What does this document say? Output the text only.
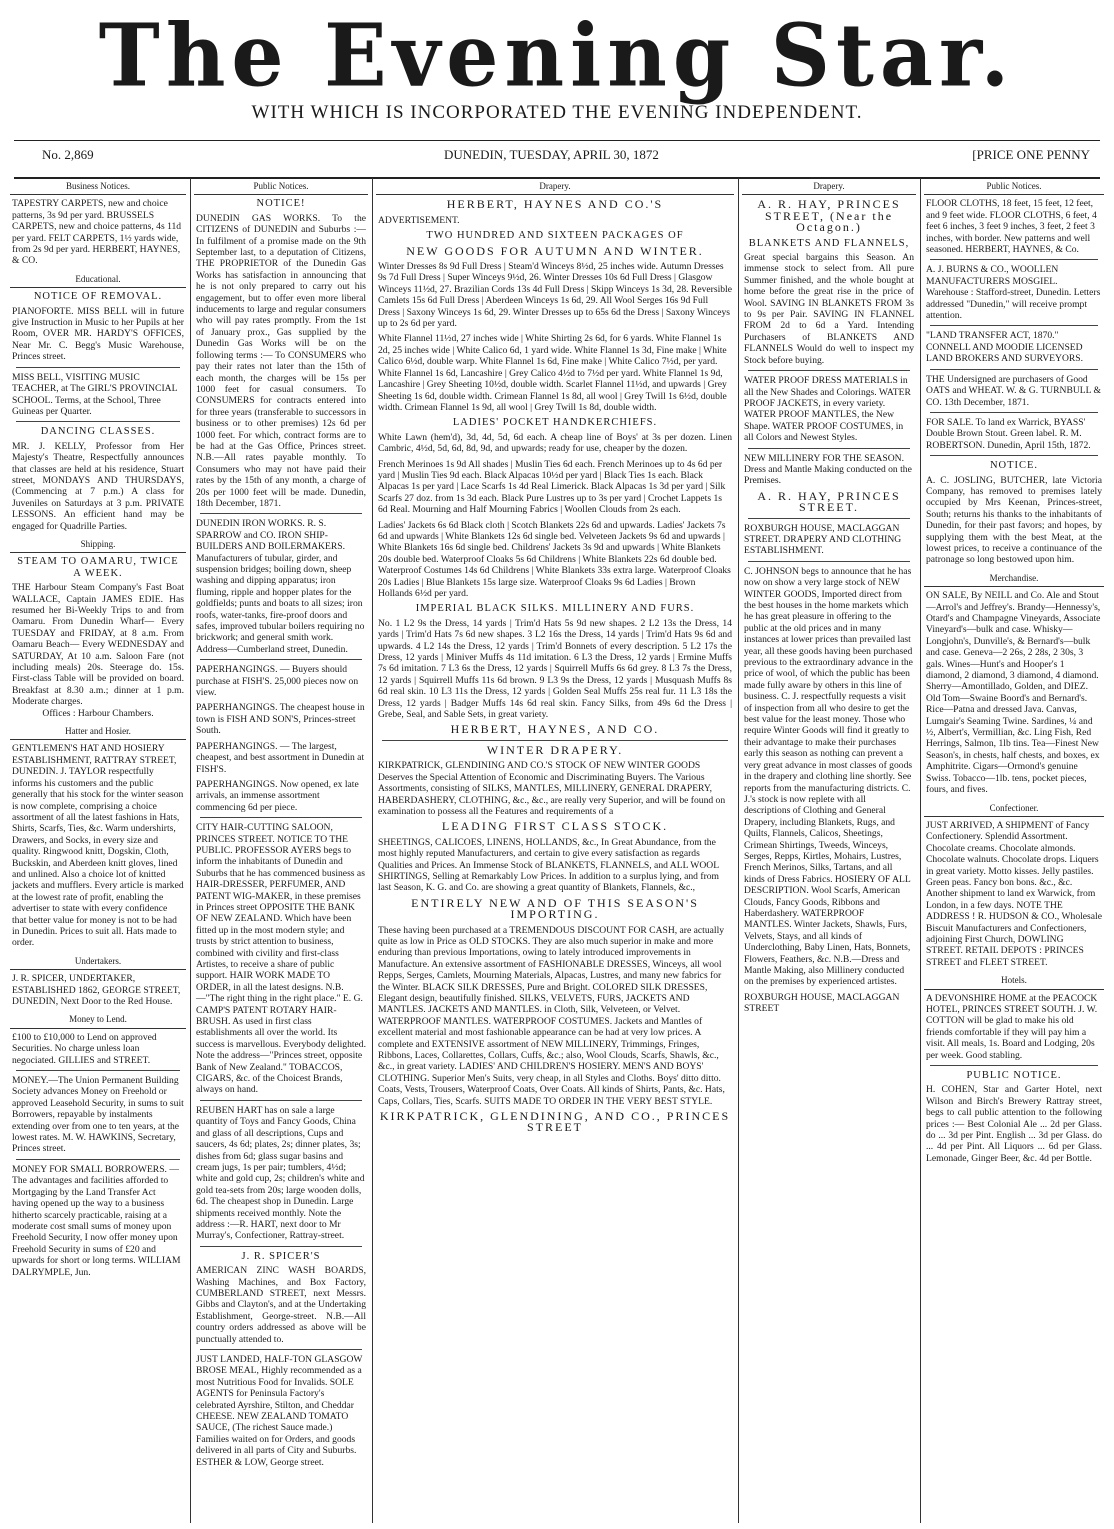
The Evening Star.
WITH WHICH IS INCORPORATED THE EVENING INDEPENDENT.
No. 2,869	DUNEDIN, TUESDAY, APRIL 30, 1872	[PRICE ONE PENNY
Business Notices.
TAPESTRY CARPETS, new and choice patterns, 3s 9d per yard. BRUSSELS CARPETS, new and choice patterns, 4s 11d per yard. FELT CARPETS, 1½ yards wide, from 2s 9d per yard. HERBERT, HAYNES, & CO.
Educational.
NOTICE OF REMOVAL.
PIANOFORTE. MISS BELL will in future give Instruction in Music to her Pupils at her Room, OVER MR. HARDY'S OFFICES, Near Mr. C. Begg's Music Warehouse, Princes street.
MISS BELL, VISITING MUSIC TEACHER, at The GIRL'S PROVINCIAL SCHOOL. Terms, at the School, Three Guineas per Quarter.
DANCING CLASSES.
MR. J. KELLY, Professor from Her Majesty's Theatre, Respectfully announces that classes are held at his residence, Stuart street, MONDAYS AND THURSDAYS, (Commencing at 7 p.m.) A class for Juveniles on Saturdays at 3 p.m. PRIVATE LESSONS. An efficient hand may be engaged for Quadrille Parties.
Shipping.
STEAM TO OAMARU, TWICE A WEEK.
THE Harbour Steam Company's Fast Boat WALLACE, Captain JAMES EDIE. Has resumed her Bi-Weekly Trips to and from Oamaru. From Dunedin Wharf— Every TUESDAY and FRIDAY, at 8 a.m. From Oamaru Beach— Every WEDNESDAY and SATURDAY, At 10 a.m. Saloon Fare (not including meals) 20s. Steerage do. 15s. First-class Table will be provided on board. Breakfast at 8.30 a.m.; dinner at 1 p.m. Moderate charges.
Offices : Harbour Chambers.
Hatter and Hosier.
GENTLEMEN'S HAT AND HOSIERY ESTABLISHMENT, RATTRAY STREET, DUNEDIN. J. TAYLOR respectfully informs his customers and the public generally that his stock for the winter season is now complete, comprising a choice assortment of all the latest fashions in Hats, Shirts, Scarfs, Ties, &c. Warm undershirts, Drawers, and Socks, in every size and quality. Ringwood knitt, Dogskin, Cloth, Buckskin, and Aberdeen knitt gloves, lined and unlined. Also a choice lot of knitted jackets and mufflers. Every article is marked at the lowest rate of profit, enabling the advertiser to state with every confidence that better value for money is not to be had in Dunedin. Prices to suit all. Hats made to order.
Undertakers.
J. R. SPICER, UNDERTAKER, ESTABLISHED 1862, GEORGE STREET, DUNEDIN, Next Door to the Red House.
Money to Lend.
£100 to £10,000 to Lend on approved Securities. No charge unless loan negociated. GILLIES and STREET.
MONEY.—The Union Permanent Building Society advances Money on Freehold or approved Leasehold Security, in sums to suit Borrowers, repayable by instalments extending over from one to ten years, at the lowest rates. M. W. HAWKINS, Secretary, Princes street.
MONEY FOR SMALL BORROWERS. —The advantages and facilities afforded to Mortgaging by the Land Transfer Act having opened up the way to a business hitherto scarcely practicable, raising at a moderate cost small sums of money upon Freehold Security, I now offer money upon Freehold Security in sums of £20 and upwards for short or long terms. WILLIAM DALRYMPLE, Jun.
Public Notices.
NOTICE!
DUNEDIN GAS WORKS. To the CITIZENS of DUNEDIN and Suburbs :— In fulfilment of a promise made on the 9th September last, to a deputation of Citizens, THE PROPRIETOR of the Dunedin Gas Works has satisfaction in announcing that he is not only prepared to carry out his engagement, but to offer even more liberal inducements to large and regular consumers who will pay rates promptly. From the 1st of January prox., Gas supplied by the Dunedin Gas Works will be on the following terms :— To CONSUMERS who pay their rates not later than the 15th of each month, the charges will be 15s per 1000 feet for casual consumers. To CONSUMERS for contracts entered into for three years (transferable to successors in business or to other premises) 12s 6d per 1000 feet. For which, contract forms are to be had at the Gas Office, Princes street. N.B.—All rates payable monthly. To Consumers who may not have paid their rates by the 15th of any month, a charge of 20s per 1000 feet will be made. Dunedin, 18th December, 1871.
DUNEDIN IRON WORKS. R. S. SPARROW and CO. IRON SHIP-BUILDERS AND BOILERMAKERS. Manufacturers of tubular, girder, and suspension bridges; boiling down, sheep washing and dipping apparatus; iron fluming, ripple and hopper plates for the goldfields; punts and boats to all sizes; iron roofs, water-tanks, fire-proof doors and safes, improved tubular boilers requiring no brickwork; and general smith work. Address—Cumberland street, Dunedin.
PAPERHANGINGS. — Buyers should purchase at FISH'S. 25,000 pieces now on view.
PAPERHANGINGS. The cheapest house in town is FISH AND SON'S, Princes-street South.
PAPERHANGINGS. — The largest, cheapest, and best assortment in Dunedin at FISH'S.
PAPERHANGINGS. Now opened, ex late arrivals, an immense assortment commencing 6d per piece.
CITY HAIR-CUTTING SALOON, PRINCES STREET. NOTICE TO THE PUBLIC. PROFESSOR AYERS begs to inform the inhabitants of Dunedin and Suburbs that he has commenced business as HAIR-DRESSER, PERFUMER, AND PATENT WIG-MAKER, in these premises in Princes street OPPOSITE THE BANK OF NEW ZEALAND. Which have been fitted up in the most modern style; and trusts by strict attention to business, combined with civility and first-class Artistes, to receive a share of public support. HAIR WORK MADE TO ORDER, in all the latest designs. N.B.—"The right thing in the right place." E. G. CAMP'S PATENT ROTARY HAIR-BRUSH. As used in first class establishments all over the world. Its success is marvellous. Everybody delighted. Note the address—"Princes street, opposite Bank of New Zealand." TOBACCOS, CIGARS, &c. of the Choicest Brands, always on hand.
REUBEN HART has on sale a large quantity of Toys and Fancy Goods, China and glass of all descriptions, Cups and saucers, 4s 6d; plates, 2s; dinner plates, 3s; dishes from 6d; glass sugar basins and cream jugs, 1s per pair; tumblers, 4½d; white and gold cup, 2s; children's white and gold tea-sets from 20s; large wooden dolls, 6d. The cheapest shop in Dunedin. Large shipments received monthly. Note the address :—R. HART, next door to Mr Murray's, Confectioner, Rattray-street.
J. R. SPICER'S
AMERICAN ZINC WASH BOARDS, Washing Machines, and Box Factory, CUMBERLAND STREET, next Messrs. Gibbs and Clayton's, and at the Undertaking Establishment, George-street. N.B.—All country orders addressed as above will be punctually attended to.
JUST LANDED, HALF-TON GLASGOW BROSE MEAL, Highly recommended as a most Nutritious Food for Invalids. SOLE AGENTS for Peninsula Factory's celebrated Ayrshire, Stilton, and Cheddar CHEESE. NEW ZEALAND TOMATO SAUCE, (The richest Sauce made.) Families waited on for Orders, and goods delivered in all parts of City and Suburbs. ESTHER & LOW, George street.
Drapery.
HERBERT, HAYNES AND CO.'S
ADVERTISEMENT.
TWO HUNDRED AND SIXTEEN PACKAGES OF
NEW GOODS FOR AUTUMN AND WINTER.
Winter Dresses 8s 9d Full Dress | Steam'd Winceys 8½d, 25 inches wide. Autumn Dresses 9s 7d Full Dress | Super Winceys 9½d, 26. Winter Dresses 10s 6d Full Dress | Glasgow Winceys 11½d, 27. Brazilian Cords 13s 4d Full Dress | Skipp Winceys 1s 3d, 28. Reversible Camlets 15s 6d Full Dress | Aberdeen Winceys 1s 6d, 29. All Wool Serges 16s 9d Full Dress | Saxony Winceys 1s 6d, 29. Winter Dresses up to 65s 6d the Dress | Saxony Winceys up to 2s 6d per yard.
White Flannel 11½d, 27 inches wide | White Shirting 2s 6d, for 6 yards. White Flannel 1s 2d, 25 inches wide | White Calico 6d, 1 yard wide. White Flannel 1s 3d, Fine make | White Calico 6½d, double warp. White Flannel 1s 6d, Fine make | White Calico 7½d, per yard. White Flannel 1s 6d, Lancashire | Grey Calico 4½d to 7½d per yard. White Flannel 1s 9d, Lancashire | Grey Sheeting 10½d, double width. Scarlet Flannel 11½d, and upwards | Grey Sheeting 1s 6d, double width. Crimean Flannel 1s 8d, all wool | Grey Twill 1s 6½d, double width. Crimean Flannel 1s 9d, all wool | Grey Twill 1s 8d, double width.
LADIES' POCKET HANDKERCHIEFS.
White Lawn (hem'd), 3d, 4d, 5d, 6d each. A cheap line of Boys' at 3s per dozen. Linen Cambric, 4½d, 5d, 6d, 8d, 9d, and upwards; ready for use, cheaper by the dozen.
French Merinoes 1s 9d All shades | Muslin Ties 6d each. French Merinoes up to 4s 6d per yard | Muslin Ties 9d each. Black Alpacas 10½d per yard | Black Ties 1s each. Black Alpacas 1s per yard | Lace Scarfs 1s 4d Real Limerick. Black Alpacas 1s 3d per yard | Silk Scarfs 27 doz. from 1s 3d each. Black Pure Lustres up to 3s per yard | Crochet Lappets 1s 6d Real. Mourning and Half Mourning Fabrics | Woollen Clouds from 2s each.
Ladies' Jackets 6s 6d Black cloth | Scotch Blankets 22s 6d and upwards. Ladies' Jackets 7s 6d and upwards | White Blankets 12s 6d single bed. Velveteen Jackets 9s 6d and upwards | White Blankets 16s 6d single bed. Childrens' Jackets 3s 9d and upwards | White Blankets 20s double bed. Waterproof Cloaks 5s 6d Childrens | White Blankets 22s 6d double bed. Waterproof Costumes 14s 6d Childrens | White Blankets 33s extra large. Waterproof Cloaks 20s Ladies | Blue Blankets 15s large size. Waterproof Cloaks 9s 6d Ladies | Brown Hollands 6½d per yard.
IMPERIAL BLACK SILKS. MILLINERY AND FURS.
No. 1 L2 9s the Dress, 14 yards | Trim'd Hats 5s 9d new shapes. 2 L2 13s the Dress, 14 yards | Trim'd Hats 7s 6d new shapes. 3 L2 16s the Dress, 14 yards | Trim'd Hats 9s 6d and upwards. 4 L2 14s the Dress, 12 yards | Trim'd Bonnets of every description. 5 L2 17s the Dress, 12 yards | Miniver Muffs 4s 11d imitation. 6 L3 the Dress, 12 yards | Ermine Muffs 7s 6d imitation. 7 L3 6s the Dress, 12 yards | Squirrell Muffs 6s 6d grey. 8 L3 7s the Dress, 12 yards | Squirrell Muffs 11s 6d brown. 9 L3 9s the Dress, 12 yards | Musquash Muffs 8s 6d real skin. 10 L3 11s the Dress, 12 yards | Golden Seal Muffs 25s real fur. 11 L3 18s the Dress, 12 yards | Badger Muffs 14s 6d real skin. Fancy Silks, from 49s 6d the Dress | Grebe, Seal, and Sable Sets, in great variety.
HERBERT, HAYNES, AND CO.
WINTER DRAPERY.
KIRKPATRICK, GLENDINING AND CO.'S STOCK OF NEW WINTER GOODS Deserves the Special Attention of Economic and Discriminating Buyers. The Various Assortments, consisting of SILKS, MANTLES, MILLINERY, GENERAL DRAPERY, HABERDASHERY, CLOTHING, &c., &c., are really very Superior, and will be found on examination to possess all the Features and requirements of a
LEADING FIRST CLASS STOCK.
SHEETINGS, CALICOES, LINENS, HOLLANDS, &c., In Great Abundance, from the most highly reputed Manufacturers, and certain to give every satisfaction as regards Qualities and Prices. An Immense Stock of BLANKETS, FLANNELS, and ALL WOOL SHIRTINGS, Selling at Remarkably Low Prices. In addition to a surplus lying, and from last Season, K. G. and Co. are showing a great quantity of Blankets, Flannels, &c.,
ENTIRELY NEW AND OF THIS SEASON'S IMPORTING.
These having been purchased at a TREMENDOUS DISCOUNT FOR CASH, are actually quite as low in Price as OLD STOCKS. They are also much superior in make and more enduring than previous Importations, owing to lately introduced improvements in Manufacture. An extensive assortment of FASHIONABLE DRESSES, Winceys, all wool Repps, Serges, Camlets, Mourning Materials, Alpacas, Lustres, and many new fabrics for the Winter. BLACK SILK DRESSES, Pure and Bright. COLORED SILK DRESSES, Elegant design, beautifully finished. SILKS, VELVETS, FURS, JACKETS AND MANTLES. JACKETS AND MANTLES. in Cloth, Silk, Velveteen, or Velvet. WATERPROOF MANTLES. WATERPROOF COSTUMES. Jackets and Mantles of excellent material and most fashionable appearance can be had at very low prices. A complete and EXTENSIVE assortment of NEW MILLINERY, Trimmings, Fringes, Ribbons, Laces, Collarettes, Collars, Cuffs, &c.; also, Wool Clouds, Scarfs, Shawls, &c., &c., in great variety. LADIES' AND CHILDREN'S HOSIERY. MEN'S AND BOYS' CLOTHING. Superior Men's Suits, very cheap, in all Styles and Cloths. Boys' ditto ditto. Coats, Vests, Trousers, Waterproof Coats, Over Coats. All kinds of Shirts, Pants, &c. Hats, Caps, Collars, Ties, Scarfs. SUITS MADE TO ORDER IN THE VERY BEST STYLE.
KIRKPATRICK, GLENDINING, AND CO., PRINCES STREET
Drapery.
A. R. HAY, PRINCES STREET, (Near the Octagon.)
BLANKETS AND FLANNELS,
Great special bargains this Season. An immense stock to select from. All pure Summer finished, and the whole bought at home before the great rise in the price of Wool. SAVING IN BLANKETS FROM 3s to 9s per Pair. SAVING IN FLANNEL FROM 2d to 6d a Yard. Intending Purchasers of BLANKETS AND FLANNELS Would do well to inspect my Stock before buying.
WATER PROOF DRESS MATERIALS in all the New Shades and Colorings. WATER PROOF JACKETS, in every variety. WATER PROOF MANTLES, the New Shape. WATER PROOF COSTUMES, in all Colors and Newest Styles.
NEW MILLINERY FOR THE SEASON. Dress and Mantle Making conducted on the Premises.
A. R. HAY, PRINCES STREET.
ROXBURGH HOUSE, MACLAGGAN STREET. DRAPERY AND CLOTHING ESTABLISHMENT.
C. JOHNSON begs to announce that he has now on show a very large stock of NEW WINTER GOODS, Imported direct from the best houses in the home markets which he has great pleasure in offering to the public at the old prices and in many instances at lower prices than prevailed last year, all these goods having been purchased previous to the extraordinary advance in the price of wool, of which the public has been made fully aware by others in this line of business. C. J. respectfully requests a visit of inspection from all who desire to get the best value for the least money. Those who require Winter Goods will find it greatly to their advantage to make their purchases early this season as nothing can prevent a very great advance in most classes of goods in the drapery and clothing line shortly. See reports from the manufacturing districts. C. J.'s stock is now replete with all descriptions of Clothing and General Drapery, including Blankets, Rugs, and Quilts, Flannels, Calicos, Sheetings, Crimean Shirtings, Tweeds, Winceys, Serges, Repps, Kirtles, Mohairs, Lustres, French Merinos, Silks, Tartans, and all kinds of Dress Fabrics. HOSIERY OF ALL DESCRIPTION. Wool Scarfs, American Clouds, Fancy Goods, Ribbons and Haberdashery. WATERPROOF MANTLES. Winter Jackets, Shawls, Furs, Velvets, Stays, and all kinds of Underclothing, Baby Linen, Hats, Bonnets, Flowers, Feathers, &c. N.B.—Dress and Mantle Making, also Millinery conducted on the premises by experienced artistes.
ROXBURGH HOUSE, MACLAGGAN STREET
Public Notices.
FLOOR CLOTHS, 18 feet, 15 feet, 12 feet, and 9 feet wide. FLOOR CLOTHS, 6 feet, 4 feet 6 inches, 3 feet 9 inches, 3 feet, 2 feet 3 inches, with border. New patterns and well seasoned. HERBERT, HAYNES, & Co.
A. J. BURNS & CO., WOOLLEN MANUFACTURERS MOSGIEL. Warehouse : Stafford-street, Dunedin. Letters addressed "Dunedin," will receive prompt attention.
"LAND TRANSFER ACT, 1870." CONNELL AND MOODIE LICENSED LAND BROKERS AND SURVEYORS.
THE Undersigned are purchasers of Good OATS and WHEAT. W. & G. TURNBULL & CO. 13th December, 1871.
FOR SALE. To land ex Warrick, BYASS' Double Brown Stout. Green label. R. M. ROBERTSON. Dunedin, April 15th, 1872.
NOTICE.
A. C. JOSLING, BUTCHER, late Victoria Company, has removed to premises lately occupied by Mrs Keenan, Princes-street, South; returns his thanks to the inhabitants of Dunedin, for their past favors; and hopes, by supplying them with the best Meat, at the lowest prices, to receive a continuance of the patronage so long bestowed upon him.
Merchandise.
ON SALE, By NEILL and Co. Ale and Stout—Arrol's and Jeffrey's. Brandy—Hennessy's, Otard's and Champagne Vineyards, Associate Vineyard's—bulk and case. Whisky—Longjohn's, Dunville's, & Bernard's—bulk and case. Geneva—2 26s, 2 28s, 2 30s, 3 gals. Wines—Hunt's and Hooper's 1 diamond, 2 diamond, 3 diamond, 4 diamond. Sherry—Amontillado, Golden, and DIEZ. Old Tom—Swaine Boord's and Bernard's. Rice—Patna and dressed Java. Canvas, Lumgair's Seaming Twine. Sardines, ¼ and ½, Albert's, Vermillian, &c. Ling Fish, Red Herrings, Salmon, 1lb tins. Tea—Finest New Season's, in chests, half chests, and boxes, ex Amphitrite. Cigars—Ormond's genuine Swiss. Tobacco—1lb. tens, pocket pieces, fours, and fives.
Confectioner.
JUST ARRIVED, A SHIPMENT of Fancy Confectionery. Splendid Assortment. Chocolate creams. Chocolate almonds. Chocolate walnuts. Chocolate drops. Liquers in great variety. Motto kisses. Jelly pastiles. Green peas. Fancy bon bons. &c., &c. Another shipment to land ex Warwick, from London, in a few days. NOTE THE ADDRESS ! R. HUDSON & CO., Wholesale Biscuit Manufacturers and Confectioners, adjoining First Church, DOWLING STREET. RETAIL DEPOTS : PRINCES STREET and FLEET STREET.
Hotels.
A DEVONSHIRE HOME at the PEACOCK HOTEL, PRINCES STREET SOUTH. J. W. COTTON will be glad to make his old friends comfortable if they will pay him a visit. All meals, 1s. Board and Lodging, 20s per week. Good stabling.
PUBLIC NOTICE.
H. COHEN, Star and Garter Hotel, next Wilson and Birch's Brewery Rattray street, begs to call public attention to the following prices :— Best Colonial Ale ... 2d per Glass. do ... 3d per Pint. English ... 3d per Glass. do ... 4d per Pint. All Liquors ... 6d per Glass. Lemonade, Ginger Beer, &c. 4d per Bottle.
